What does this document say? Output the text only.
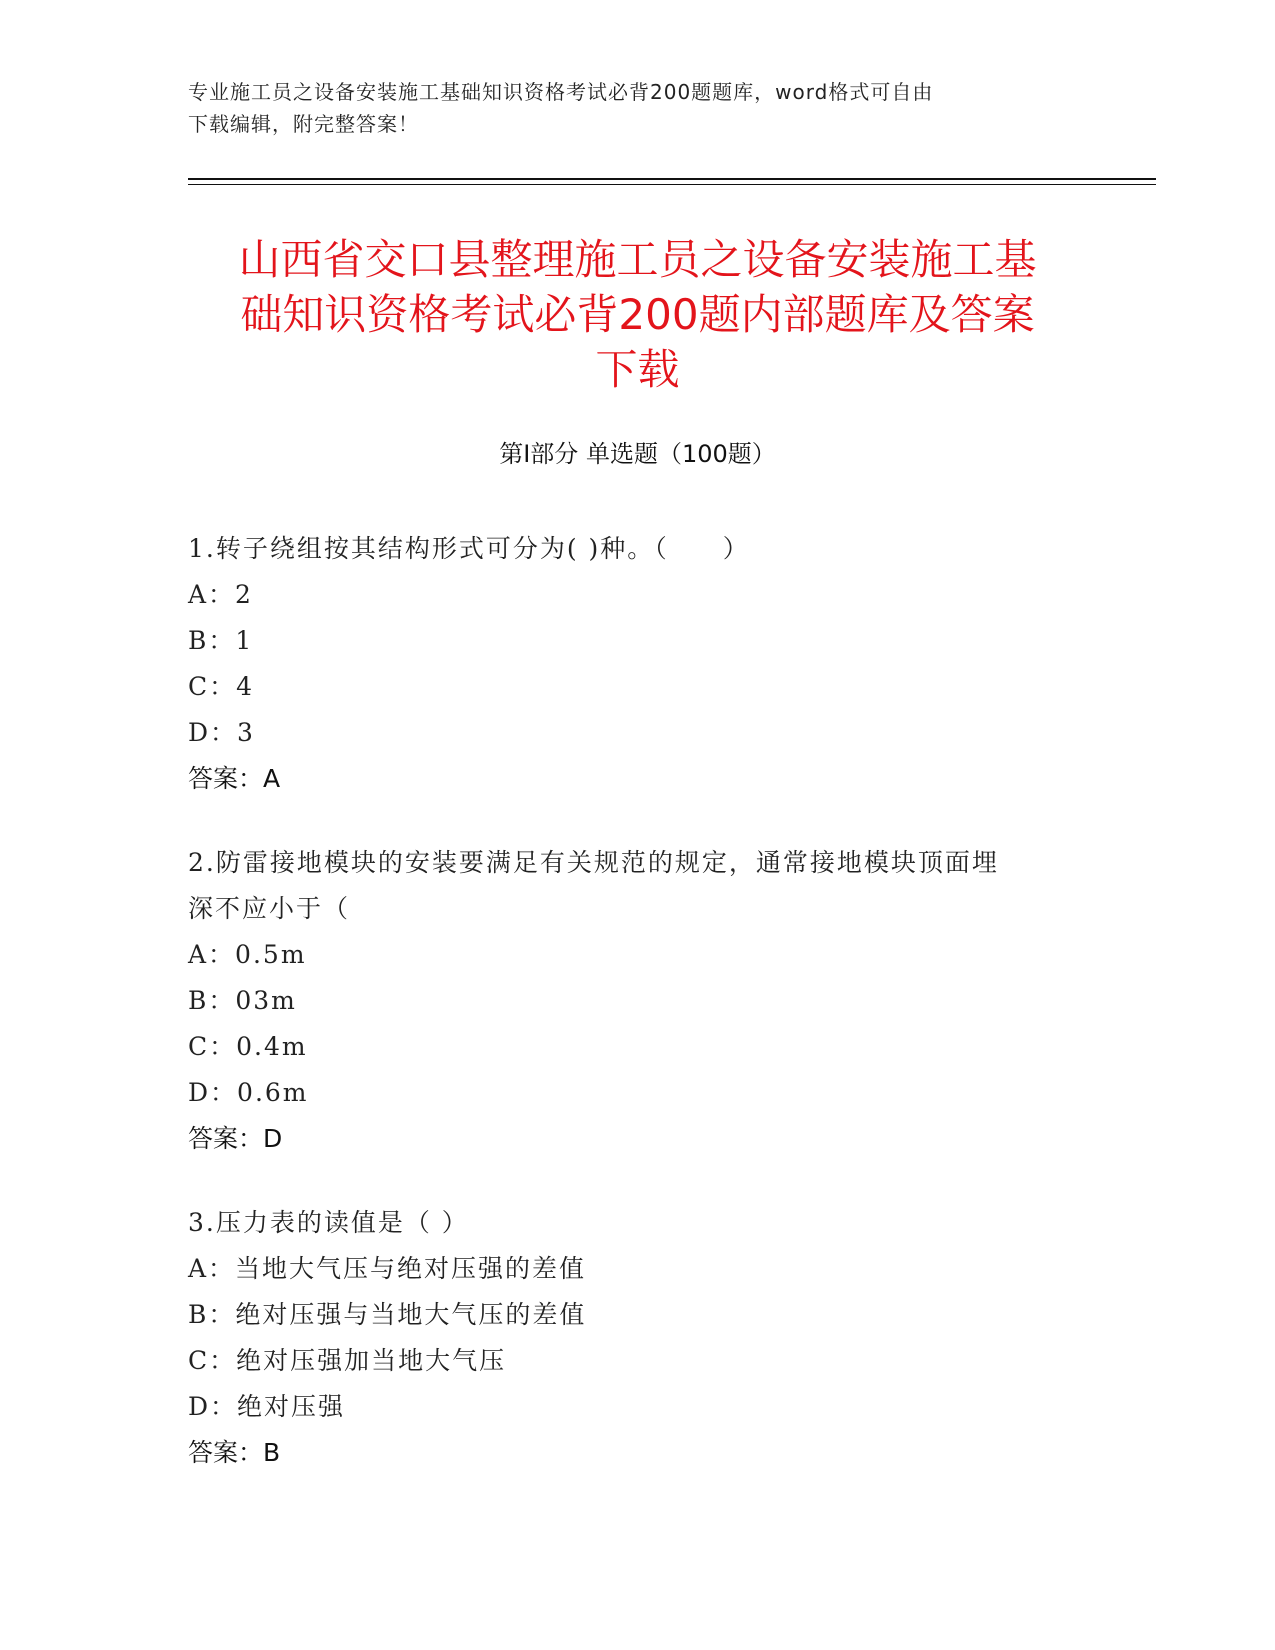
专业施工员之设备安装施工基础知识资格考试必背200题题库，word格式可自由
下载编辑，附完整答案！
山西省交口县整理施工员之设备安装施工基
础知识资格考试必背200题内部题库及答案
下载
第Ⅰ部分 单选题（100题）
1.转子绕组按其结构形式可分为( )种。（　　）
A：2
B：1
C：4
D：3
答案：A
2.防雷接地模块的安装要满足有关规范的规定，通常接地模块顶面埋
深不应小于（
A：0.5m
B：03m
C：0.4m
D：0.6m
答案：D
3.压力表的读值是（ ）
A：当地大气压与绝对压强的差值
B：绝对压强与当地大气压的差值
C：绝对压强加当地大气压
D：绝对压强
答案：B
